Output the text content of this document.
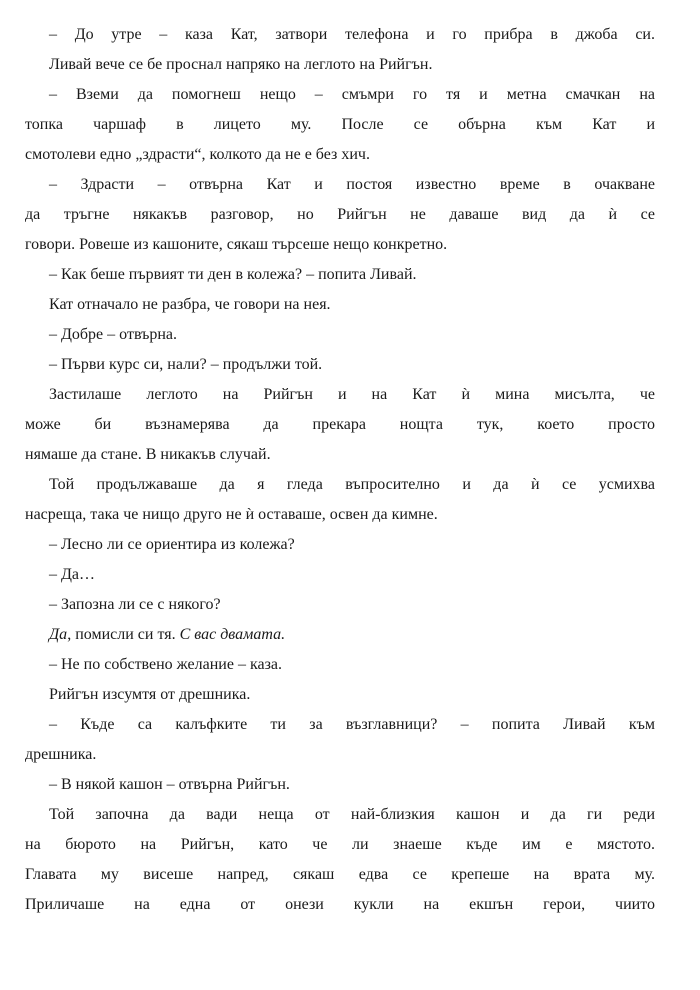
– До утре – каза Кат, затвори телефона и го прибра в джоба си.
Ливай вече се бе проснал напряко на леглото на Рийгън.
– Вземи да помогнеш нещо – смъмри го тя и метна смачкан на
топка чаршаф в лицето му. После се обърна към Кат и
смотолеви едно „здрасти“, колкото да не е без хич.
– Здрасти – отвърна Кат и постоя известно време в очакване
да тръгне някакъв разговор, но Рийгън не даваше вид да ѝ се
говори. Ровеше из кашоните, сякаш търсеше нещо конкретно.
– Как беше първият ти ден в колежа? – попита Ливай.
Кат отначало не разбра, че говори на нея.
– Добре – отвърна.
– Първи курс си, нали? – продължи той.
Застилаше леглото на Рийгън и на Кат ѝ мина мисълта, че
може би възнамерява да прекара нощта тук, което просто
нямаше да стане. В никакъв случай.
Той продължаваше да я гледа въпросително и да ѝ се усмихва
насреща, така че нищо друго не ѝ оставаше, освен да кимне.
– Лесно ли се ориентира из колежа?
– Да…
– Запозна ли се с някого?
Да, помисли си тя. С вас двамата.
– Не по собствено желание – каза.
Рийгън изсумтя от дрешника.
– Къде са калъфките ти за възглавници? – попита Ливай към
дрешника.
– В някой кашон – отвърна Рийгън.
Той започна да вади неща от най-близкия кашон и да ги реди
на бюрото на Рийгън, като че ли знаеше къде им е мястото.
Главата му висеше напред, сякаш едва се крепеше на врата му.
Приличаше на една от онези кукли на екшън герои, чиито
